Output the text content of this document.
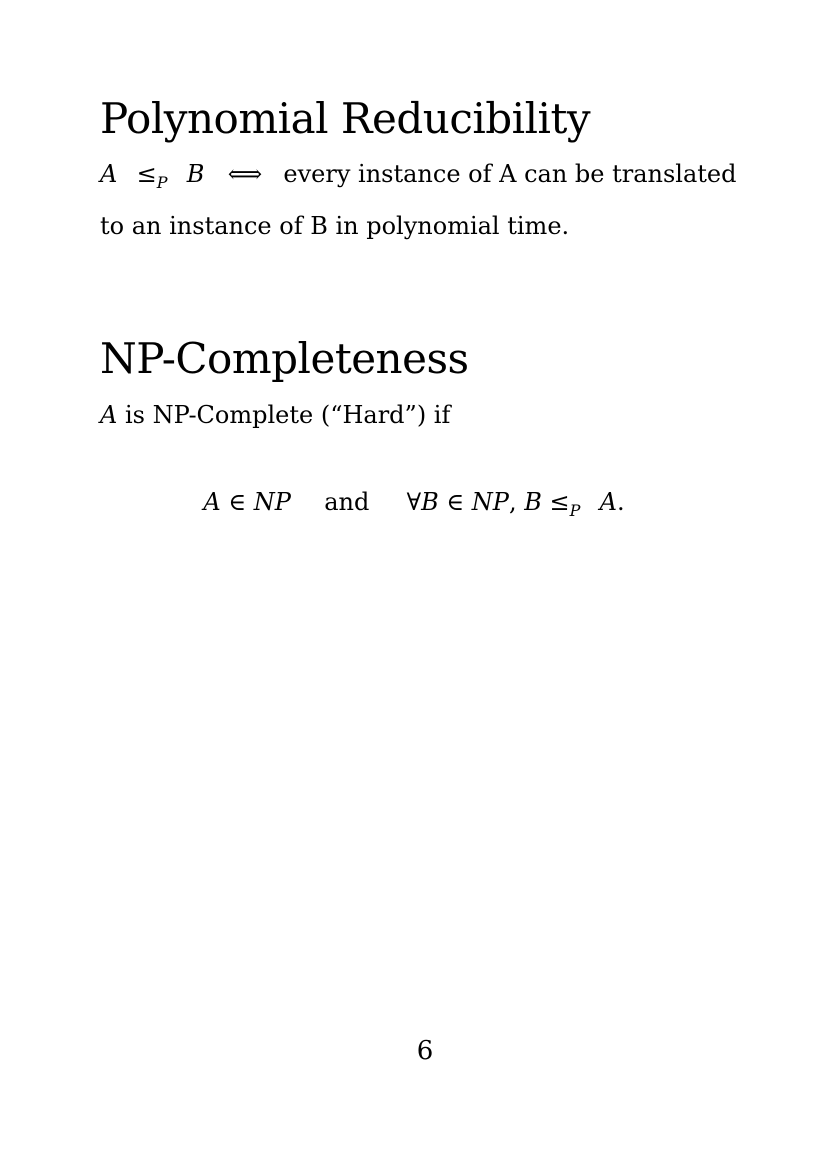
Polynomial Reducibility
$A \le_P$ B ⟺ every instance of A can be translated
to an instance of B in polynomial time.
NP-Completeness
A is NP-Complete (“Hard”) if
A ∈ NP and ∀B ∈ NP, $B \le_P$ A.
6
